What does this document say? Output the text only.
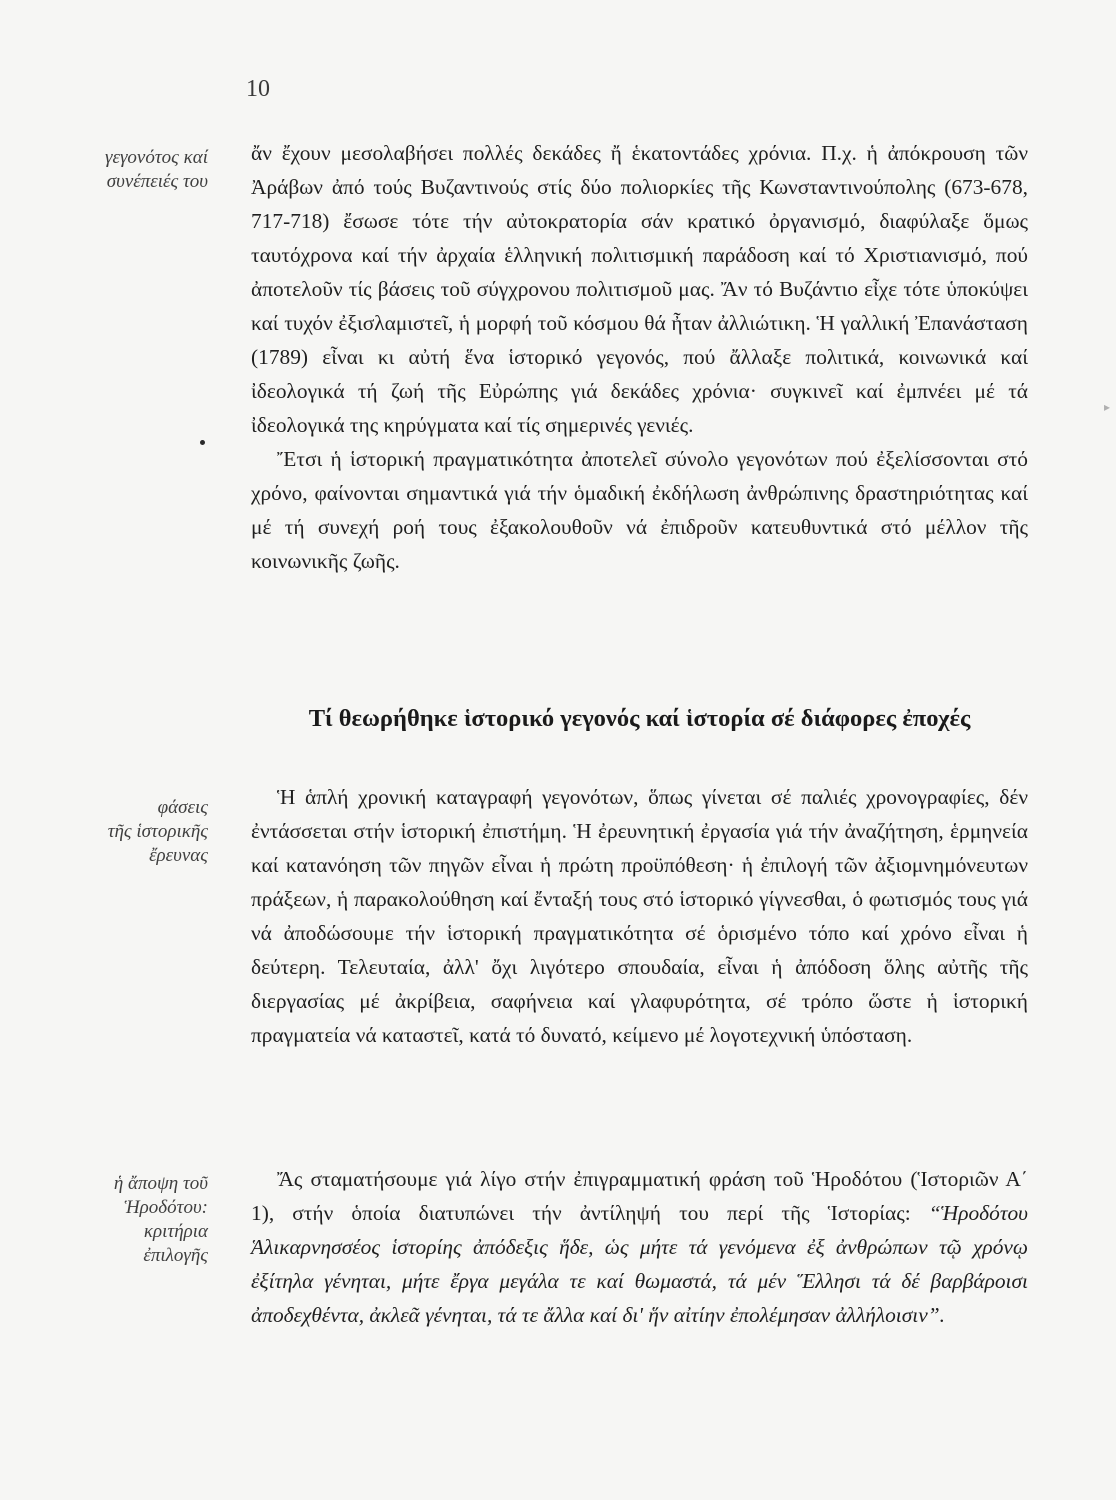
10
γεγονότος καί
συνέπειές του
φάσεις
τῆς ἱστορικῆς
ἔρευνας
ἡ ἄποψη τοῦ
Ἡροδότου:
κριτήρια
ἐπιλογῆς

ἄν ἔχουν μεσολαβήσει πολλές δεκάδες ἤ ἑκατοντάδες χρόνια. Π.χ. ἡ ἀπόκρουση τῶν Ἀράβων ἀπό τούς Βυζαντινούς στίς δύο πολιορκίες τῆς Κωνσταντινούπολης (673-678, 717-718) ἔσωσε τότε τήν αὐτοκρατορία σάν κρατικό ὀργανισμό, διαφύλαξε ὅμως ταυτόχρονα καί τήν ἀρχαία ἑλληνική πολιτισμική παράδοση καί τό Χριστιανισμό, πού ἀποτελοῦν τίς βάσεις τοῦ σύγχρονου πολιτισμοῦ μας. Ἄν τό Βυζάντιο εἶχε τότε ὑποκύψει καί τυχόν ἐξισλαμιστεῖ, ἡ μορφή τοῦ κόσμου θά ἦταν ἀλλιώτικη. Ἡ γαλλική Ἐπανάσταση (1789) εἶναι κι αὐτή ἕνα ἱστορικό γεγονός, πού ἄλλαξε πολιτικά, κοινωνικά καί ἰδεολογικά τή ζωή τῆς Εὐρώπης γιά δεκάδες χρόνια· συγκινεῖ καί ἐμπνέει μέ τά ἰδεολογικά της κηρύγματα καί τίς σημερινές γενιές.

Ἔτσι ἡ ἱστορική πραγματικότητα ἀποτελεῖ σύνολο γεγονότων πού ἐξελίσσονται στό χρόνο, φαίνονται σημαντικά γιά τήν ὁμαδική ἐκδήλωση ἀνθρώπινης δραστηριότητας καί μέ τή συνεχή ροή τους ἐξακολουθοῦν νά ἐπιδροῦν κατευθυντικά στό μέλλον τῆς κοινωνικῆς ζωῆς.

Τί θεωρήθηκε ἱστορικό γεγονός καί ἱστορία σέ διάφορες ἐποχές

Ἡ ἁπλή χρονική καταγραφή γεγονότων, ὅπως γίνεται σέ παλιές χρονογραφίες, δέν ἐντάσσεται στήν ἱστορική ἐπιστήμη. Ἡ ἐρευνητική ἐργασία γιά τήν ἀναζήτηση, ἑρμηνεία καί κατανόηση τῶν πηγῶν εἶναι ἡ πρώτη προϋπόθεση· ἡ ἐπιλογή τῶν ἀξιομνημόνευτων πράξεων, ἡ παρακολούθηση καί ἔνταξή τους στό ἱστορικό γίγνεσθαι, ὁ φωτισμός τους γιά νά ἀποδώσουμε τήν ἱστορική πραγματικότητα σέ ὁρισμένο τόπο καί χρόνο εἶναι ἡ δεύτερη. Τελευταία, ἀλλ' ὄχι λιγότερο σπουδαία, εἶναι ἡ ἀπόδοση ὅλης αὐτῆς τῆς διεργασίας μέ ἀκρίβεια, σαφήνεια καί γλαφυρότητα, σέ τρόπο ὥστε ἡ ἱστορική πραγματεία νά καταστεῖ, κατά τό δυνατό, κείμενο μέ λογοτεχνική ὑπόσταση.

Ἄς σταματήσουμε γιά λίγο στήν ἐπιγραμματική φράση τοῦ Ἡροδότου (Ἱστοριῶν Α΄ 1), στήν ὁποία διατυπώνει τήν ἀντίληψή του περί τῆς Ἱστορίας: “Ἡροδότου Ἁλικαρνησσέος ἱστορίης ἀπόδεξις ἥδε, ὡς μήτε τά γενόμενα ἐξ ἀνθρώπων τῷ χρόνῳ ἐξίτηλα γένηται, μήτε ἔργα μεγάλα τε καί θωμαστά, τά μέν Ἕλλησι τά δέ βαρβάροισι ἀποδεχθέντα, ἀκλεᾶ γένηται, τά τε ἄλλα καί δι' ἥν αἰτίην ἐπολέμησαν ἀλλήλοισιν”.

▸
